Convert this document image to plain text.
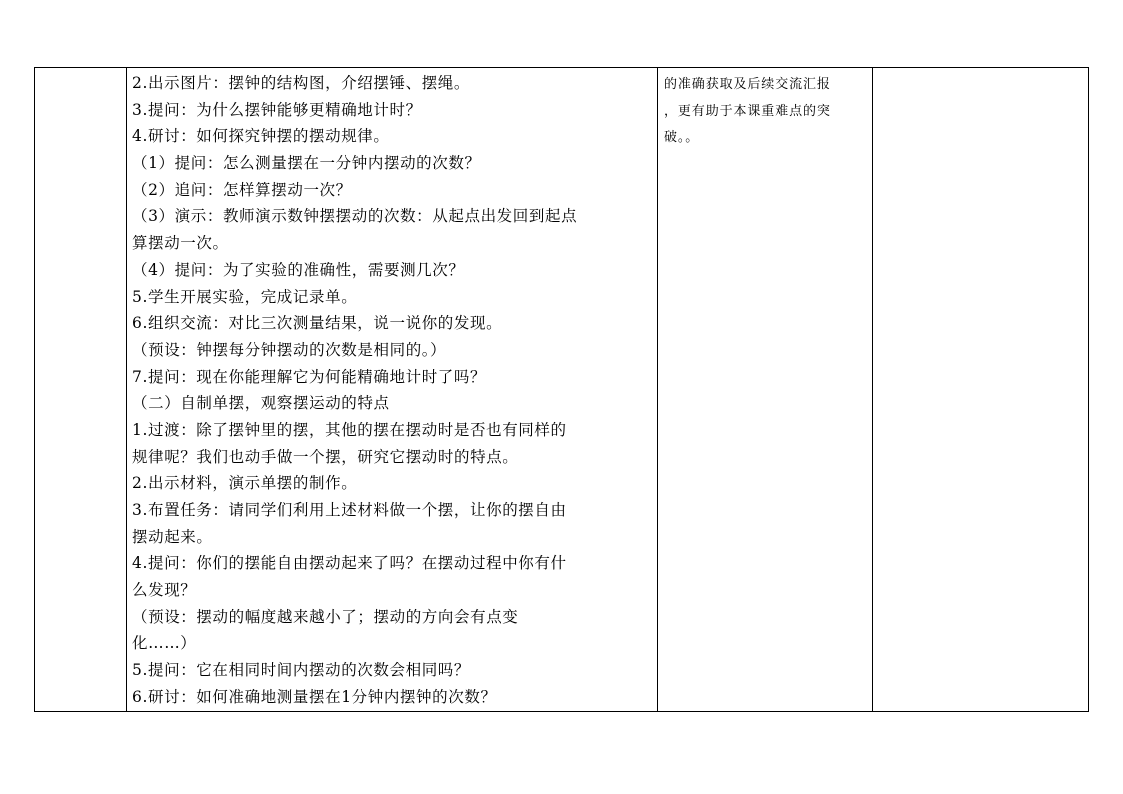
2.出示图片：摆钟的结构图，介绍摆锤、摆绳。
3.提问：为什么摆钟能够更精确地计时？
4.研讨：如何探究钟摆的摆动规律。
（1）提问：怎么测量摆在一分钟内摆动的次数？
（2）追问：怎样算摆动一次？
（3）演示：教师演示数钟摆摆动的次数：从起点出发回到起点
算摆动一次。
（4）提问：为了实验的准确性，需要测几次？
5.学生开展实验，完成记录单。
6.组织交流：对比三次测量结果，说一说你的发现。
（预设：钟摆每分钟摆动的次数是相同的。）
7.提问：现在你能理解它为何能精确地计时了吗？
（二）自制单摆，观察摆运动的特点
1.过渡：除了摆钟里的摆，其他的摆在摆动时是否也有同样的
规律呢？我们也动手做一个摆，研究它摆动时的特点。
2.出示材料，演示单摆的制作。
3.布置任务：请同学们利用上述材料做一个摆，让你的摆自由
摆动起来。
4.提问：你们的摆能自由摆动起来了吗？在摆动过程中你有什
么发现？
（预设：摆动的幅度越来越小了；摆动的方向会有点变
化……）
5.提问：它在相同时间内摆动的次数会相同吗？
6.研讨：如何准确地测量摆在1分钟内摆钟的次数？

的准确获取及后续交流汇报
，更有助于本课重难点的突
破。。
